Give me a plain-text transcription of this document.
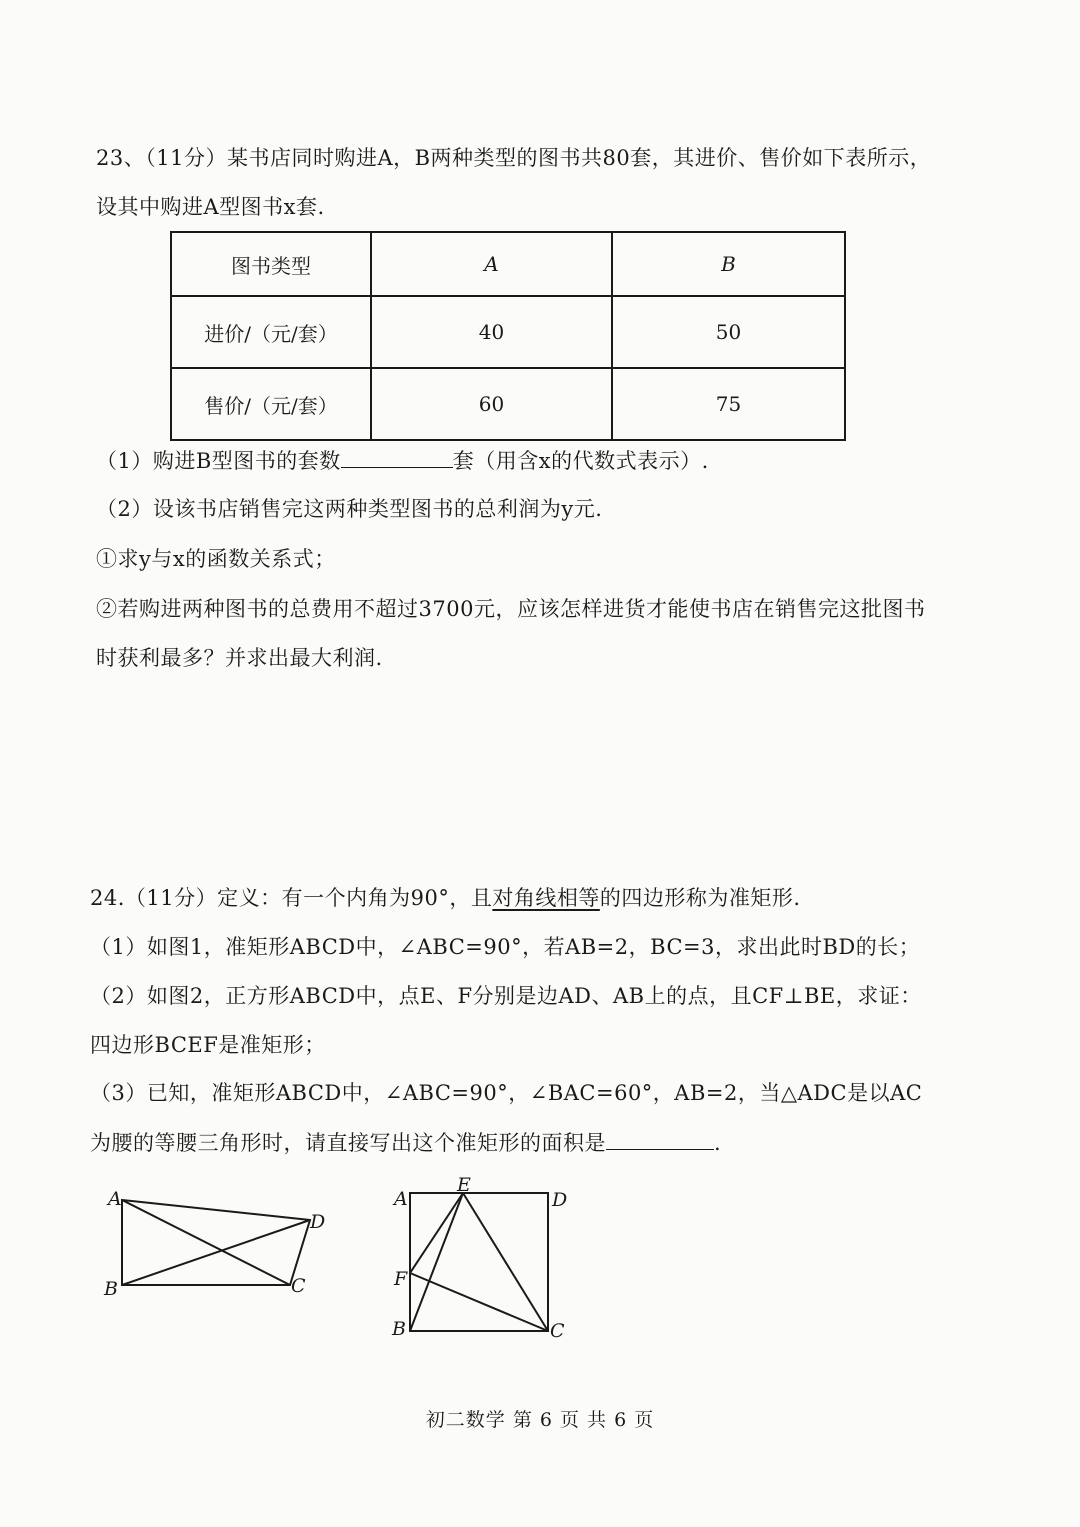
23、（11分）某书店同时购进A，B两种类型的图书共80套，其进价、售价如下表所示，
设其中购进A型图书x套.
图书类型	A	B
进价/（元/套）	40	50
售价/（元/套）	60	75
（1）购进B型图书的套数	套（用含x的代数式表示）.
（2）设该书店销售完这两种类型图书的总利润为y元.
①求y与x的函数关系式；
②若购进两种图书的总费用不超过3700元，应该怎样进货才能使书店在销售完这批图书
时获利最多？并求出最大利润.
24.（11分）定义：有一个内角为90°，且对角线相等的四边形称为准矩形.
（1）如图1，准矩形ABCD中，∠ABC=90°，若AB=2，BC=3，求出此时BD的长；
（2）如图2，正方形ABCD中，点E、F分别是边AD、AB上的点，且CF⊥BE，求证：
四边形BCEF是准矩形；
（3）已知，准矩形ABCD中，∠ABC=90°，∠BAC=60°，AB=2，当△ADC是以AC
为腰的等腰三角形时，请直接写出这个准矩形的面积是	.
A
B	C
D
A
B	C
D
E
F
初二数学 第 6 页 共 6 页
